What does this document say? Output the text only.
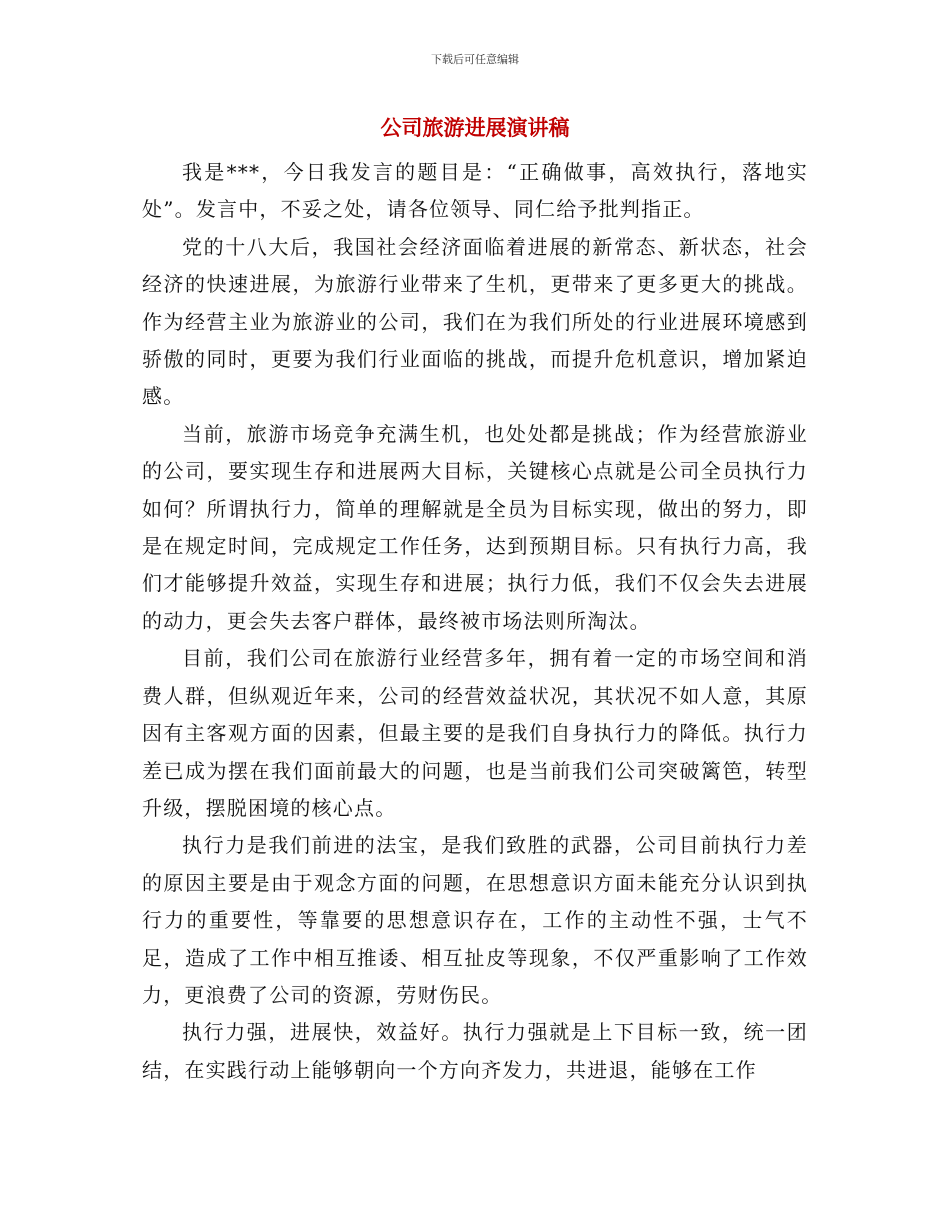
下载后可任意编辑
公司旅游进展演讲稿

我是***，今日我发言的题目是：“正确做事，高效执行，落地实处”。发言中，不妥之处，请各位领导、同仁给予批判指正。

党的十八大后，我国社会经济面临着进展的新常态、新状态，社会经济的快速进展，为旅游行业带来了生机，更带来了更多更大的挑战。作为经营主业为旅游业的公司，我们在为我们所处的行业进展环境感到骄傲的同时，更要为我们行业面临的挑战，而提升危机意识，增加紧迫感。

当前，旅游市场竞争充满生机，也处处都是挑战；作为经营旅游业的公司，要实现生存和进展两大目标，关键核心点就是公司全员执行力如何？所谓执行力，简单的理解就是全员为目标实现，做出的努力，即是在规定时间，完成规定工作任务，达到预期目标。只有执行力高，我们才能够提升效益，实现生存和进展；执行力低，我们不仅会失去进展的动力，更会失去客户群体，最终被市场法则所淘汰。

目前，我们公司在旅游行业经营多年，拥有着一定的市场空间和消费人群，但纵观近年来，公司的经营效益状况，其状况不如人意，其原因有主客观方面的因素，但最主要的是我们自身执行力的降低。执行力差已成为摆在我们面前最大的问题，也是当前我们公司突破篱笆，转型升级，摆脱困境的核心点。

执行力是我们前进的法宝，是我们致胜的武器，公司目前执行力差的原因主要是由于观念方面的问题，在思想意识方面未能充分认识到执行力的重要性，等靠要的思想意识存在，工作的主动性不强，士气不足，造成了工作中相互推诿、相互扯皮等现象，不仅严重影响了工作效力，更浪费了公司的资源，劳财伤民。

执行力强，进展快，效益好。执行力强就是上下目标一致，统一团结，在实践行动上能够朝向一个方向齐发力，共进退，能够在工作
